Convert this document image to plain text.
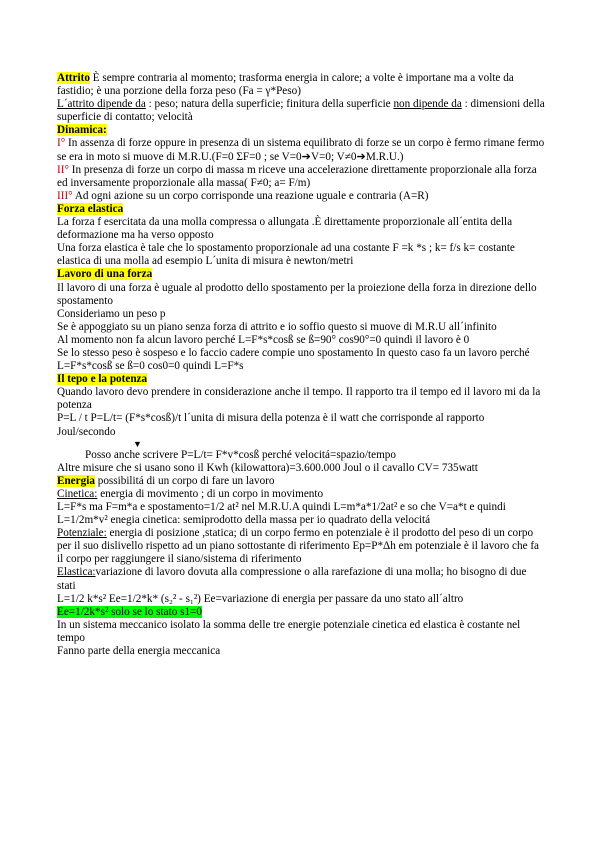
Attrito È sempre contraria al momento; trasforma energia in calore; a volte è importane ma a volte da fastidio; è una porzione della forza peso (Fa = γ*Peso)

L´attrito dipende da : peso; natura della superficie; finitura della superficie non dipende da : dimensioni della superficie di contatto; velocità

Dinamica:

I° In assenza di forze oppure in presenza di un sistema equilibrato di forze se un corpo è fermo rimane fermo se era in moto si muove di M.R.U.(F=0 ΣF=0 ; se V=0➔V=0; V≠0➔M.R.U.)

II° In presenza di forze un corpo di massa m riceve una accelerazione direttamente proporzionale alla forza ed inversamente proporzionale alla massa( F≠0; a= F/m)

III° Ad ogni azione su un corpo corrisponde una reazione uguale e contraria (A=R)

Forza elastica

La forza f esercitata da una molla compressa o allungata .È direttamente proporzionale all´entita della deformazione ma ha verso opposto

Una forza elastica è tale che lo spostamento proporzionale ad una costante F =k *s ; k= f/s k= costante elastica di una molla ad esempio L´unita di misura è newton/metri

Lavoro di una forza

Il lavoro di una forza è uguale al prodotto dello spostamento per la proiezione della forza in direzione dello spostamento

Consideriamo un peso p

Se è appoggiato su un piano senza forza di attrito e io soffio questo si muove di M.R.U all´infinito

Al momento non fa alcun lavoro perché L=F*s*cosß se ß=90° cos90°=0 quindi il lavoro è 0

Se lo stesso peso è sospeso e lo faccio cadere compie uno spostamento In questo caso fa un lavoro perché

L=F*s*cosß se ß=0 cos0=0 quindi L=F*s

Il tepo e la potenza

Quando lavoro devo prendere in considerazione anche il tempo. Il rapporto tra il tempo ed il lavoro mi da la potenza

P=L / t P=L/t= (F*s*cosß)/t l´unita di misura della potenza è il watt che corrisponde al rapporto Joul/secondo

▼

Posso anche scrivere P=L/t= F*v*cosß perché velocitá=spazio/tempo

Altre misure che si usano sono il Kwh (kilowattora)=3.600.000 Joul o il cavallo CV= 735watt

Energia possibilitá di un corpo di fare un lavoro

Cinetica: energia di movimento ; di un corpo in movimento

L=F*s ma F=m*a e spostamento=1/2 at² nel M.R.U.A quindi L=m*a*1/2at² e so che V=a*t e quindi L=1/2m*v² enegia cinetica: semiprodotto della massa per io quadrato della velocitá

Potenziale: energia di posizione ,statica; di un corpo fermo en potenziale è il prodotto del peso di un corpo per il suo dislivello rispetto ad un piano sottostante di riferimento Ep=P*Δh em potenziale è il lavoro che fa il corpo per raggiungere il siano/sistema di riferimento

Elastica:variazione di lavoro dovuta alla compressione o alla rarefazione di una molla; ho bisogno di due stati

L=1/2 k*s² Ee=1/2*k* (s₂² - s₁²) Ee=variazione di energia per passare da uno stato all´altro

Ee=1/2k*s² solo se lo stato s1=0

In un sistema meccanico isolato la somma delle tre energie potenziale cinetica ed elastica è costante nel tempo

Fanno parte della energia meccanica
